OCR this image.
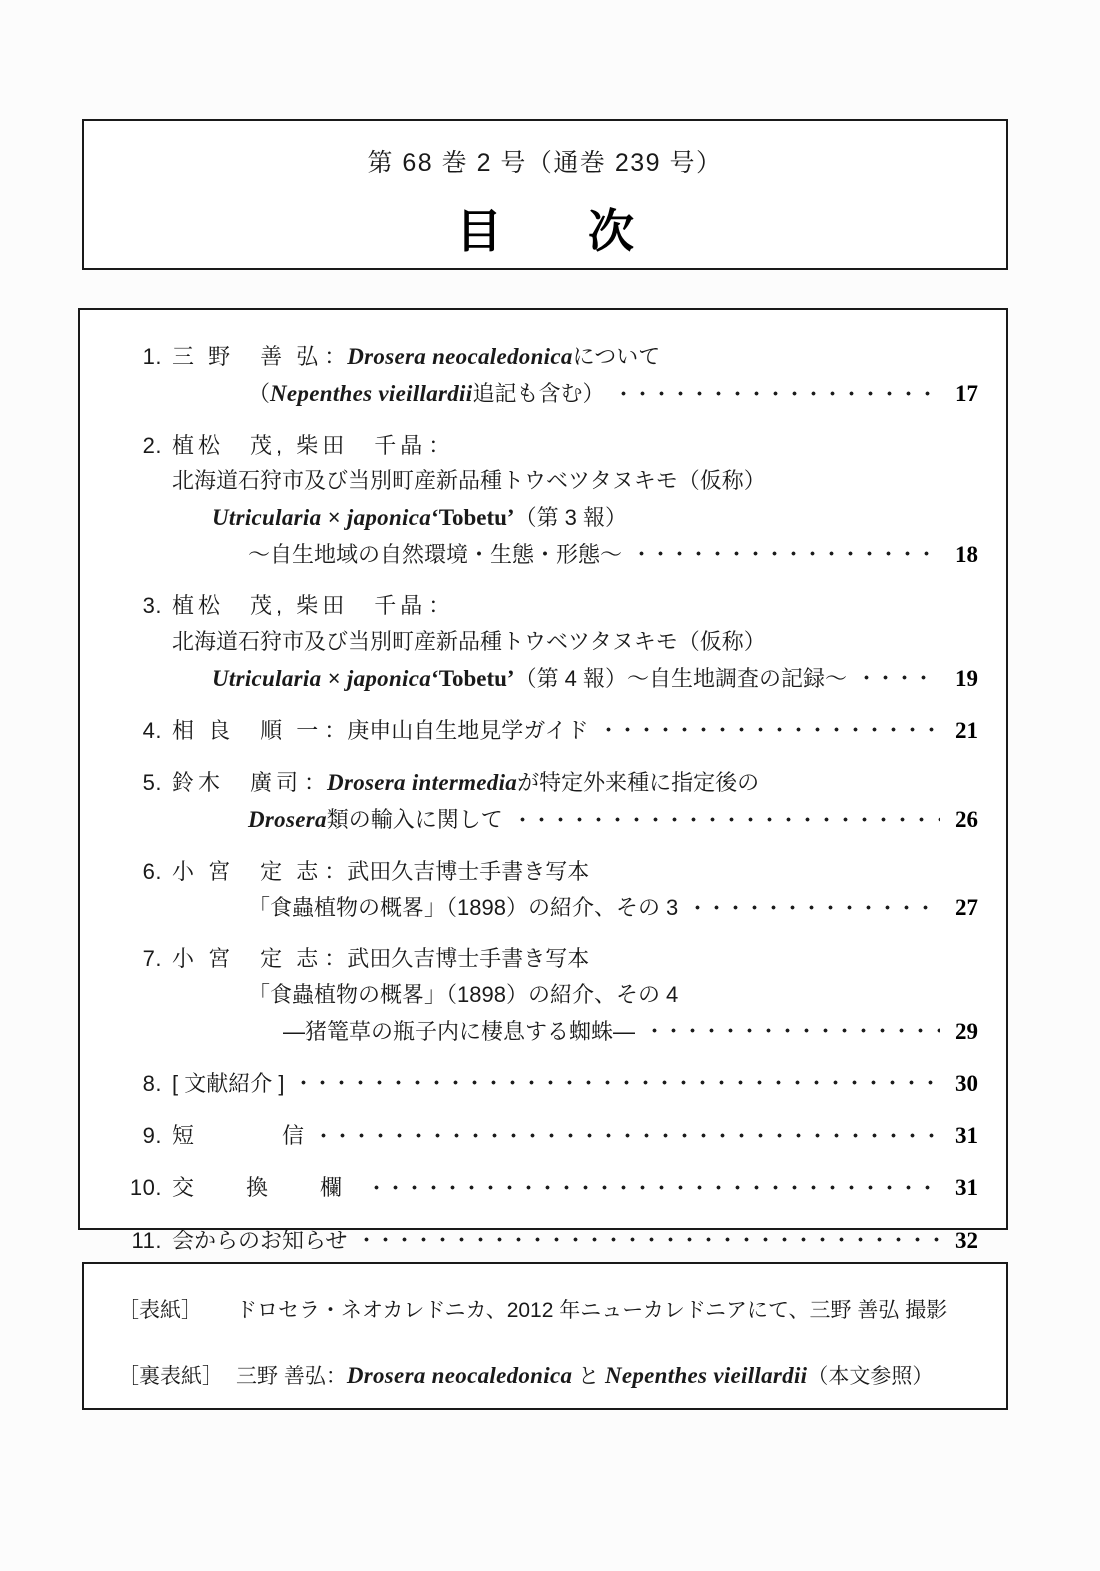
第 68 巻 2 号（通巻 239 号）
目　次
1. 三 野　善 弘 ： Drosera neocaledonica について
（ Nepenthes vieillardii 追記も含む）	17
2. 植松　茂, 柴田　千晶 ：
北海道石狩市及び当別町産新品種トウベツタヌキモ（仮称）
Utricularia × japonica ‘Tobetu’ （第 3 報）
～自生地域の自然環境・生態・形態～	18
3. 植松　茂, 柴田　千晶 ：
北海道石狩市及び当別町産新品種トウベツタヌキモ（仮称）
Utricularia × japonica ‘Tobetu’ （第 4 報）～自生地調査の記録～	19
4. 相 良　順 一 ： 庚申山自生地見学ガイド	21
5. 鈴木　廣司 ： Drosera intermedia が特定外来種に指定後の
Drosera 類の輸入に関して	26
6. 小 宮　定 志 ： 武田久吉博士手書き写本
「食蟲植物の概畧」（1898）の紹介、その 3	27
7. 小 宮　定 志 ： 武田久吉博士手書き写本
「食蟲植物の概畧」（1898）の紹介、その 4
―猪篭草の瓶子内に棲息する蜘蛛―	29
8. [ 文献紹介 ]	30
9. 短　　　　信	31
10. 交　換　欄	31
11. 会からのお知らせ	32
［表紙］	ドロセラ・ネオカレドニカ、2012 年ニューカレドニアにて、三野 善弘 撮影
［裏表紙］ 三野 善弘：Drosera neocaledonica と Nepenthes vieillardii（本文参照）
